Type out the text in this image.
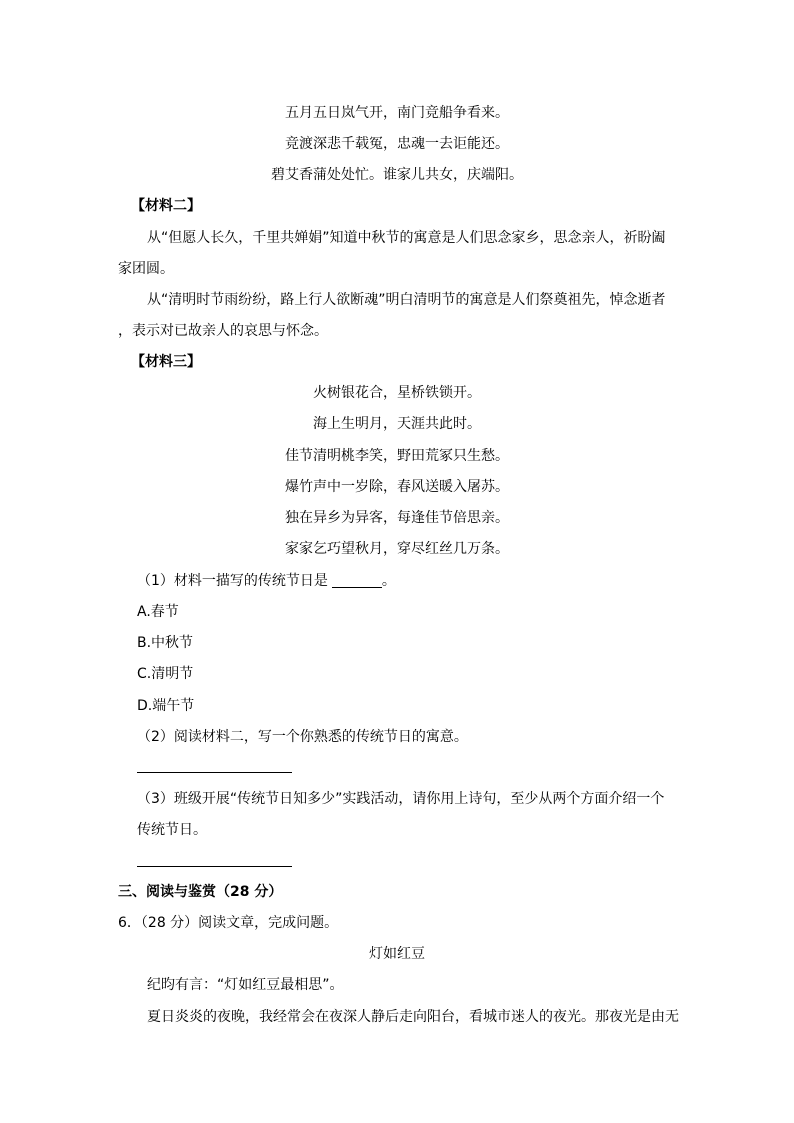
五月五日岚气开，南门竞船争看来。
竞渡深悲千载冤，忠魂一去讵能还。
碧艾香蒲处处忙。谁家儿共女，庆端阳。
【材料二】
从“但愿人长久，千里共婵娟”知道中秋节的寓意是人们思念家乡，思念亲人，祈盼阖
家团圆。
从“清明时节雨纷纷，路上行人欲断魂”明白清明节的寓意是人们祭奠祖先，悼念逝者
，表示对已故亲人的哀思与怀念。
【材料三】
火树银花合，星桥铁锁开。
海上生明月，天涯共此时。
佳节清明桃李笑，野田荒冢只生愁。
爆竹声中一岁除，春风送暖入屠苏。
独在异乡为异客，每逢佳节倍思亲。
家家乞巧望秋月，穿尽红丝几万条。
（1）材料一描写的传统节日是	。
A.春节
B.中秋节
C.清明节
D.端午节
（2）阅读材料二，写一个你熟悉的传统节日的寓意。
（3）班级开展“传统节日知多少”实践活动，请你用上诗句，至少从两个方面介绍一个
传统节日。
三、阅读与鉴赏（28 分）
6．（28 分）阅读文章，完成问题。
灯如红豆
纪昀有言：“灯如红豆最相思”。
夏日炎炎的夜晚，我经常会在夜深人静后走向阳台，看城市迷人的夜光。那夜光是由无
